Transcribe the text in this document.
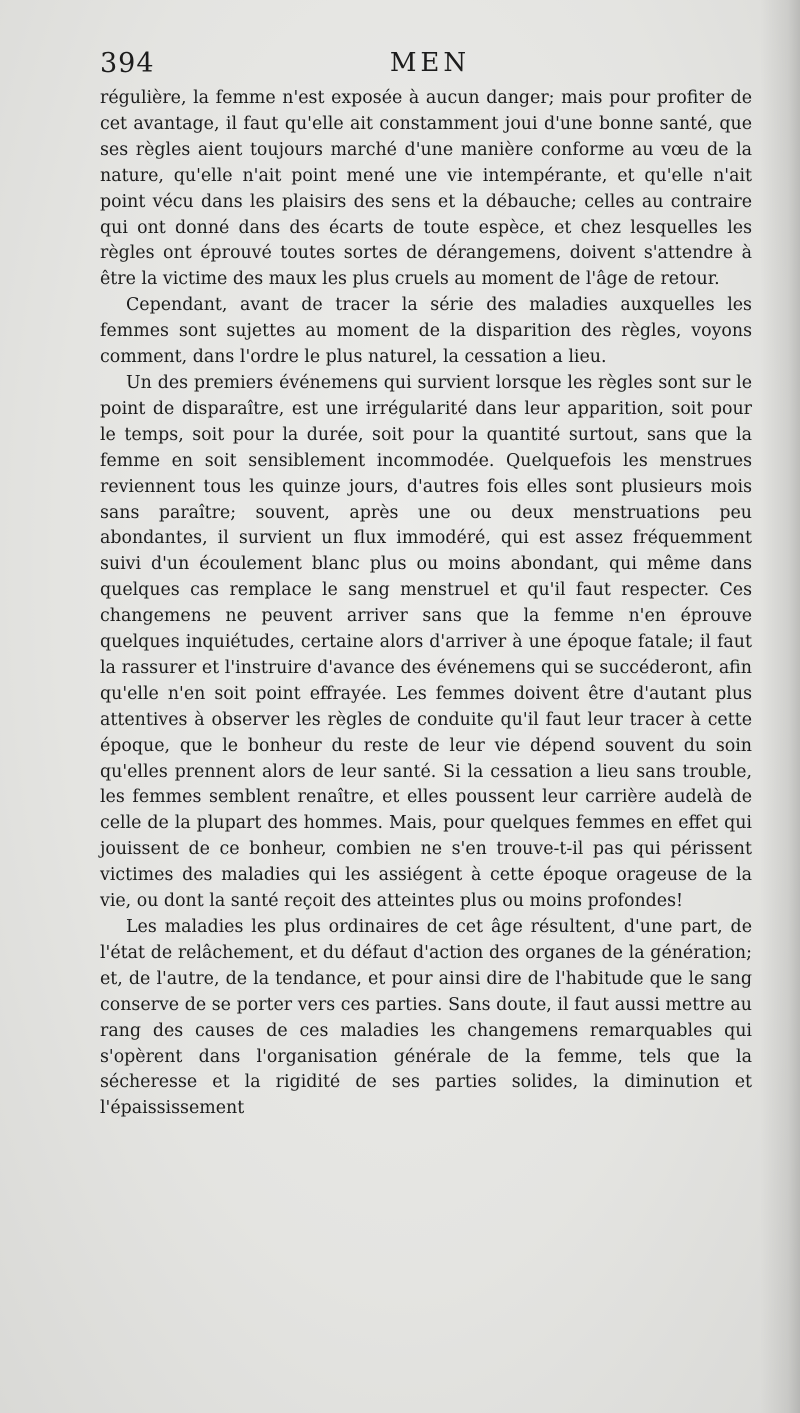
394	MEN

régulière, la femme n'est exposée à aucun danger; mais pour profiter de cet avantage, il faut qu'elle ait constamment joui d'une bonne santé, que ses règles aient toujours marché d'une manière conforme au vœu de la nature, qu'elle n'ait point mené une vie intempérante, et qu'elle n'ait point vécu dans les plaisirs des sens et la débauche; celles au contraire qui ont donné dans des écarts de toute espèce, et chez lesquelles les règles ont éprouvé toutes sortes de dérangemens, doivent s'attendre à être la victime des maux les plus cruels au moment de l'âge de retour.

Cependant, avant de tracer la série des maladies auxquelles les femmes sont sujettes au moment de la disparition des règles, voyons comment, dans l'ordre le plus naturel, la cessation a lieu.

Un des premiers événemens qui survient lorsque les règles sont sur le point de disparaître, est une irrégularité dans leur apparition, soit pour le temps, soit pour la durée, soit pour la quantité surtout, sans que la femme en soit sensiblement incommodée. Quelquefois les menstrues reviennent tous les quinze jours, d'autres fois elles sont plusieurs mois sans paraître; souvent, après une ou deux menstruations peu abondantes, il survient un flux immodéré, qui est assez fréquemment suivi d'un écoulement blanc plus ou moins abondant, qui même dans quelques cas remplace le sang menstruel et qu'il faut respecter. Ces changemens ne peuvent arriver sans que la femme n'en éprouve quelques inquiétudes, certaine alors d'arriver à une époque fatale; il faut la rassurer et l'instruire d'avance des événemens qui se succéderont, afin qu'elle n'en soit point effrayée. Les femmes doivent être d'autant plus attentives à observer les règles de conduite qu'il faut leur tracer à cette époque, que le bonheur du reste de leur vie dépend souvent du soin qu'elles prennent alors de leur santé. Si la cessation a lieu sans trouble, les femmes semblent renaître, et elles poussent leur carrière audelà de celle de la plupart des hommes. Mais, pour quelques femmes en effet qui jouissent de ce bonheur, combien ne s'en trouve-t-il pas qui périssent victimes des maladies qui les assiégent à cette époque orageuse de la vie, ou dont la santé reçoit des atteintes plus ou moins profondes!

Les maladies les plus ordinaires de cet âge résultent, d'une part, de l'état de relâchement, et du défaut d'action des organes de la génération; et, de l'autre, de la tendance, et pour ainsi dire de l'habitude que le sang conserve de se porter vers ces parties. Sans doute, il faut aussi mettre au rang des causes de ces maladies les changemens remarquables qui s'opèrent dans l'organisation générale de la femme, tels que la sécheresse et la rigidité de ses parties solides, la diminution et l'épaississement
